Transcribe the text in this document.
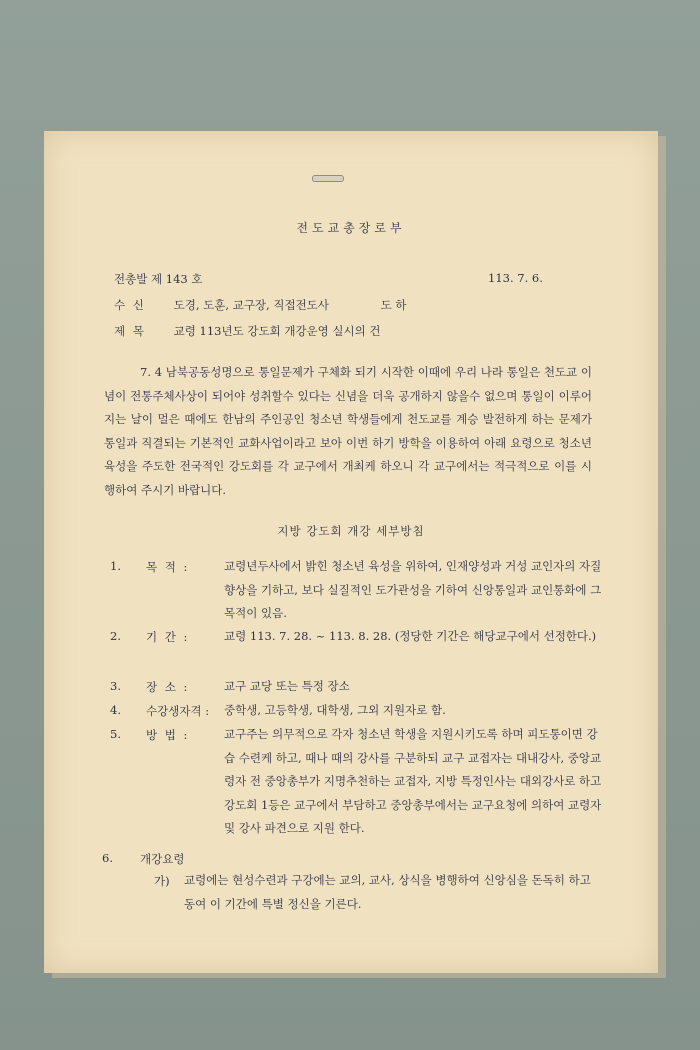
전도교총장로부
전총발 제 143 호	113. 7. 6.
수 신 도경, 도훈, 교구장, 직접전도사	도 하
제 목 교령 113년도 강도회 개강운영 실시의 건
7. 4 남북공동성명으로 통일문제가 구체화 되기 시작한 이때에 우리 나라 통일은 천도교 이념이 전통주체사상이 되어야 성취할수 있다는 신념을 더욱 공개하지 않을수 없으며 통일이 이루어지는 날이 멀은 때에도 한남의 주인공인 청소년 학생들에게 천도교를 계승 발전하게 하는 문제가 통일과 직결되는 기본적인 교화사업이라고 보아 이번 하기 방학을 이용하여 아래 요령으로 청소년 육성을 주도한 전국적인 강도회를 각 교구에서 개최케 하오니 각 교구에서는 적극적으로 이를 시행하여 주시기 바랍니다.
지방 강도회 개강 세부방침
1. 목 적 :	교령년두사에서 밝힌 청소년 육성을 위하여, 인재양성과 거성 교인자의 자질향상을 기하고, 보다 실질적인 도가관성을 기하여 신앙통일과 교인통화에 그 목적이 있음.
2. 기 간 :	교령 113. 7. 28. ~ 113. 8. 28. (정당한 기간은 해당교구에서 선정한다.)
3. 장 소 :	교구 교당 또는 특정 장소
4. 수강생자격 : 중학생, 고등학생, 대학생, 그외 지원자로 함.
5. 방 법 :	교구주는 의무적으로 각자 청소년 학생을 지원시키도록 하며 피도통이면 강습 수련케 하고, 때나 때의 강사를 구분하되 교구 교접자는 대내강사, 중앙교령자 전 중앙총부가 지명추천하는 교접자, 지방 특정인사는 대외강사로 하고 강도회 1등은 교구에서 부담하고 중앙총부에서는 교구요청에 의하여 교령자 및 강사 파견으로 지원 한다.
6. 개강요령
가) 교령에는 현성수련과 구강에는 교의, 교사, 상식을 병행하여 신앙심을 돈독히 하고 동여 이 기간에 특별 정신을 기른다.
